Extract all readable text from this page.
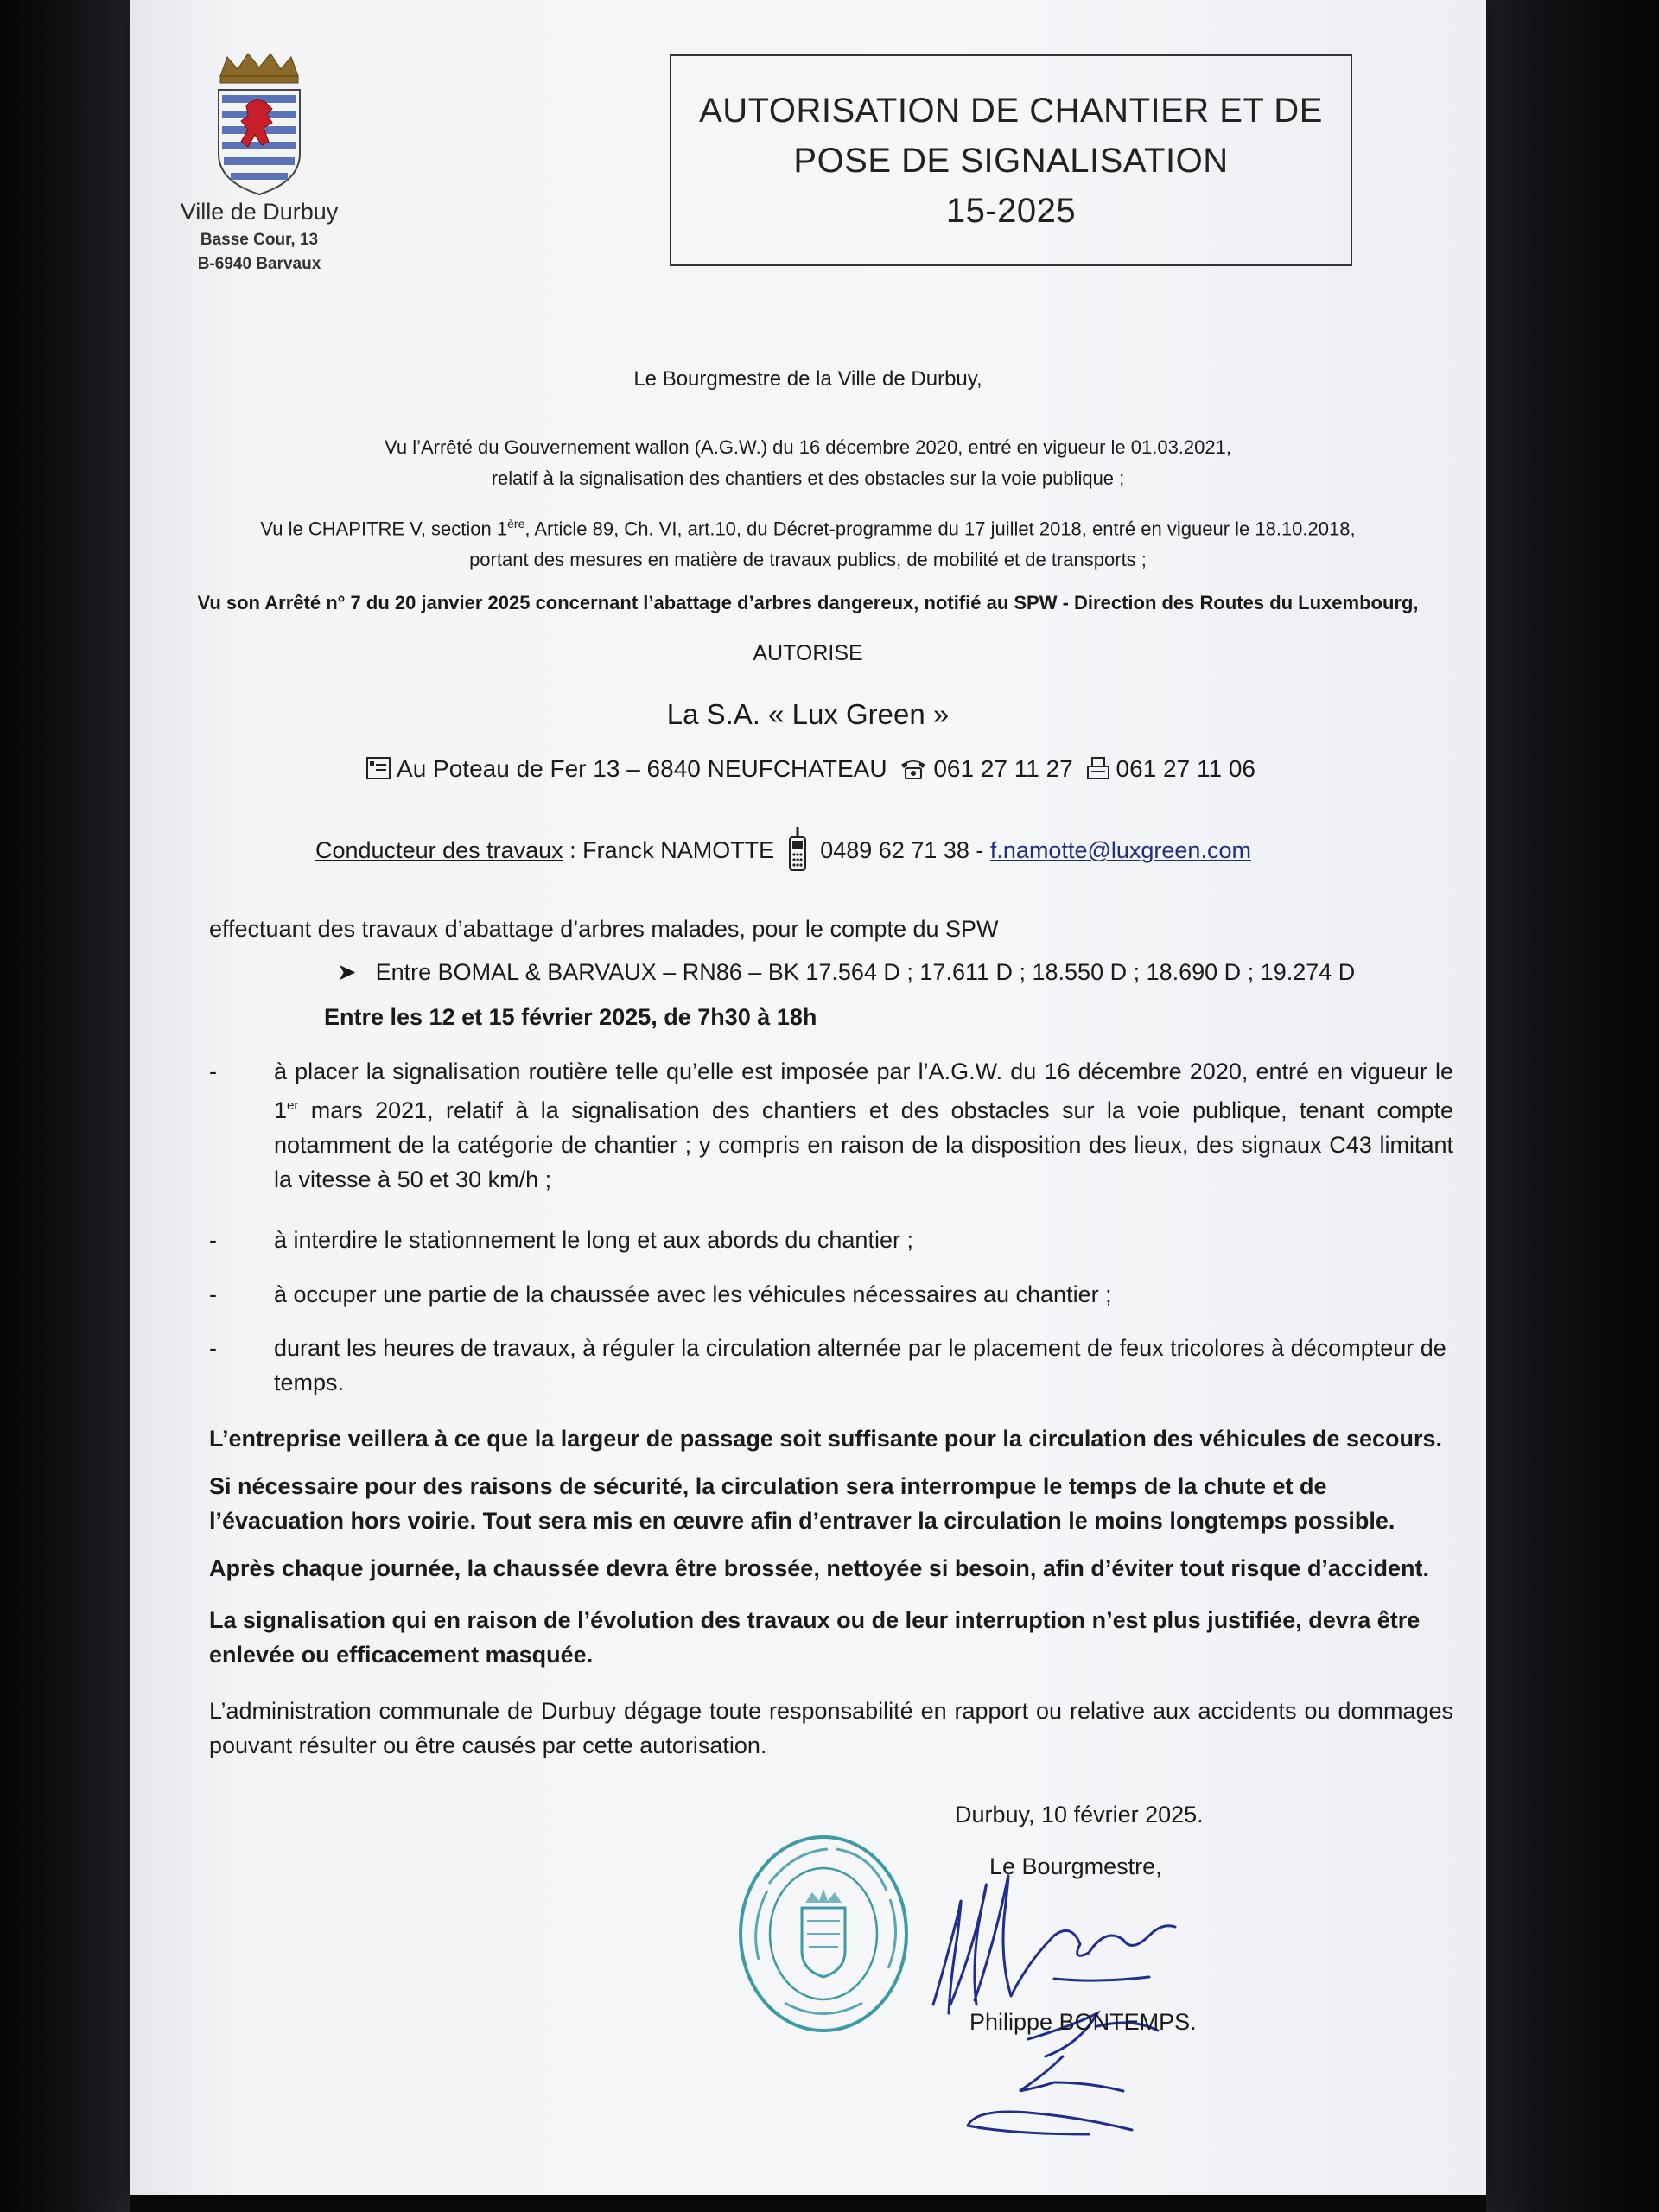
Ville de Durbuy
Basse Cour, 13
B-6940 Barvaux
AUTORISATION DE CHANTIER ET DE
POSE DE SIGNALISATION
15-2025
Le Bourgmestre de la Ville de Durbuy,
Vu l’Arrêté du Gouvernement wallon (A.G.W.) du 16 décembre 2020, entré en vigueur le 01.03.2021,
relatif à la signalisation des chantiers et des obstacles sur la voie publique ;
Vu le CHAPITRE V, section 1ère, Article 89, Ch. VI, art.10, du Décret-programme du 17 juillet 2018, entré en vigueur le 18.10.2018,
portant des mesures en matière de travaux publics, de mobilité et de transports ;
Vu son Arrêté n° 7 du 20 janvier 2025 concernant l’abattage d’arbres dangereux, notifié au SPW - Direction des Routes du Luxembourg,
AUTORISE
La S.A. « Lux Green »
Au Poteau de Fer 13 – 6840 NEUFCHATEAU 061 27 11 27 061 27 11 06
Conducteur des travaux : Franck NAMOTTE 0489 62 71 38 - f.namotte@luxgreen.com
effectuant des travaux d’abattage d’arbres malades, pour le compte du SPW
➤ Entre BOMAL & BARVAUX – RN86 – BK 17.564 D ; 17.611 D ; 18.550 D ; 18.690 D ; 19.274 D
Entre les 12 et 15 février 2025, de 7h30 à 18h
- à placer la signalisation routière telle qu’elle est imposée par l’A.G.W. du 16 décembre 2020, entré en vigueur le 1er mars 2021, relatif à la signalisation des chantiers et des obstacles sur la voie publique, tenant compte notamment de la catégorie de chantier ; y compris en raison de la disposition des lieux, des signaux C43 limitant la vitesse à 50 et 30 km/h ;
- à interdire le stationnement le long et aux abords du chantier ;
- à occuper une partie de la chaussée avec les véhicules nécessaires au chantier ;
- durant les heures de travaux, à réguler la circulation alternée par le placement de feux tricolores à décompteur de temps.
L’entreprise veillera à ce que la largeur de passage soit suffisante pour la circulation des véhicules de secours.
Si nécessaire pour des raisons de sécurité, la circulation sera interrompue le temps de la chute et de l’évacuation hors voirie. Tout sera mis en œuvre afin d’entraver la circulation le moins longtemps possible.
Après chaque journée, la chaussée devra être brossée, nettoyée si besoin, afin d’éviter tout risque d’accident.
La signalisation qui en raison de l’évolution des travaux ou de leur interruption n’est plus justifiée, devra être enlevée ou efficacement masquée.
L’administration communale de Durbuy dégage toute responsabilité en rapport ou relative aux accidents ou dommages pouvant résulter ou être causés par cette autorisation.
Durbuy, 10 février 2025.
Le Bourgmestre,
Philippe BONTEMPS.
